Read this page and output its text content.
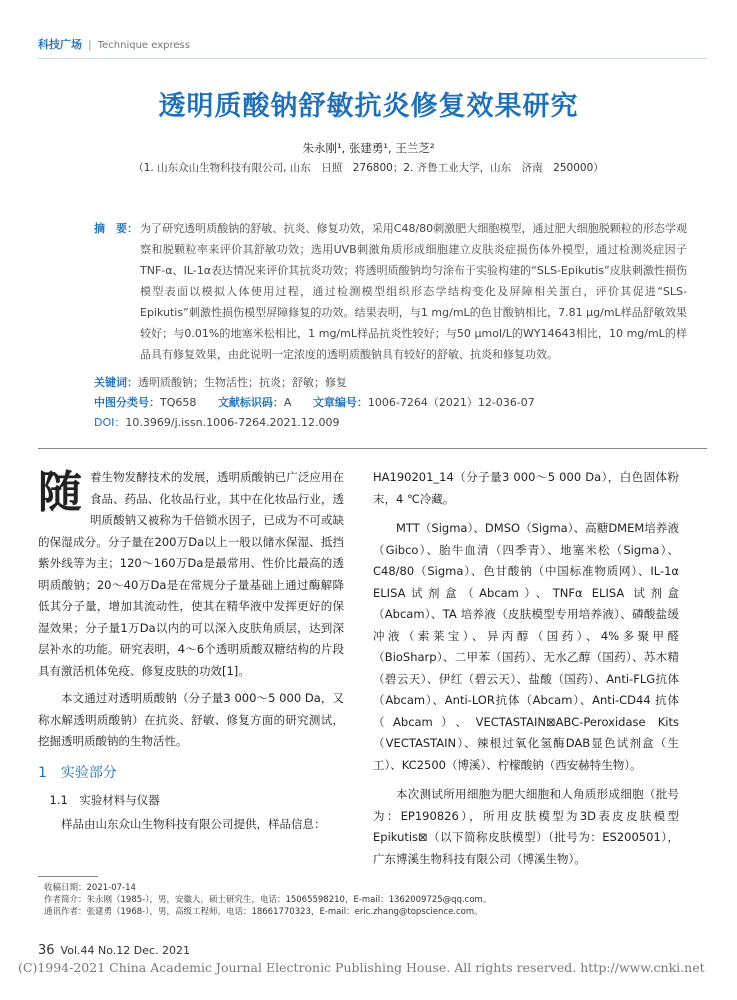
科技广场 | Technique express
透明质酸钠舒敏抗炎修复效果研究
朱永刚¹, 张建勇¹, 王兰芝²
（1. 山东众山生物科技有限公司, 山东　日照　276800；2. 齐鲁工业大学，山东　济南　250000）
摘　要： 为了研究透明质酸钠的舒敏、抗炎、修复功效，采用C48/80刺激肥大细胞模型，通过肥大细胞脱颗粒的形态学观察和脱颗粒率来评价其舒敏功效；选用UVB刺激角质形成细胞建立皮肤炎症损伤体外模型，通过检测炎症因子TNF-α、IL-1α表达情况来评价其抗炎功效；将透明质酸钠均匀涂布于实验构建的“SLS-Epikutis”皮肤刺激性损伤模型表面以模拟人体使用过程，通过检测模型组织形态学结构变化及屏障相关蛋白，评价其促进“SLS-Epikutis”刺激性损伤模型屏障修复的功效。结果表明，与1 mg/mL的色甘酸钠相比，7.81 μg/mL样品舒敏效果较好；与0.01%的地塞米松相比，1 mg/mL样品抗炎性较好；与50 μmol/L的WY14643相比，10 mg/mL的样品具有修复效果，由此说明一定浓度的透明质酸钠具有较好的舒敏、抗炎和修复功效。
关键词：透明质酸钠；生物活性；抗炎；舒敏；修复
中图分类号：TQ658 文献标识码：A 文章编号：1006-7264（2021）12-036-07
DOI：10.3969/j.issn.1006-7264.2021.12.009

随着生物发酵技术的发展，透明质酸钠已广泛应用在食品、药品、化妆品行业，其中在化妆品行业，透明质酸钠又被称为千倍锁水因子，已成为不可或缺的保湿成分。分子量在200万Da以上一般以储水保湿、抵挡紫外线等为主；120～160万Da是最常用、性价比最高的透明质酸钠；20～40万Da是在常规分子量基础上通过酶解降低其分子量，增加其流动性，使其在精华液中发挥更好的保湿效果；分子量1万Da以内的可以深入皮肤角质层，达到深层补水的功能。研究表明，4～6个透明质酸双糖结构的片段具有激活机体免疫、修复皮肤的功效[1]。

本文通过对透明质酸钠（分子量3 000～5 000 Da，又称水解透明质酸钠）在抗炎、舒敏、修复方面的研究测试，挖掘透明质酸钠的生物活性。

1　实验部分
1.1　实验材料与仪器

样品由山东众山生物科技有限公司提供，样品信息：

HA190201_14（分子量3 000～5 000 Da），白色固体粉末，4 ℃冷藏。

MTT（Sigma）、DMSO（Sigma）、高糖DMEM培养液（Gibco）、胎牛血清（四季青）、地塞米松（Sigma）、C48/80（Sigma）、色甘酸钠（中国标准物质网）、IL-1α ELISA试剂盒（Abcam）、TNFα ELISA 试剂盒（Abcam）、TA 培养液（皮肤模型专用培养液）、磷酸盐缓冲液（索莱宝）、异丙醇（国药）、4%多聚甲醛（BioSharp）、二甲苯（国药）、无水乙醇（国药）、苏木精（碧云天）、伊红（碧云天）、盐酸（国药）、Anti-FLG抗体（Abcam）、Anti-LOR抗体（Abcam）、Anti-CD44 抗体（Abcam）、VECTASTAIN⊠ABC-Peroxidase Kits（VECTASTAIN）、辣根过氧化氢酶DAB显色试剂盒（生工）、KC2500（博溪）、柠檬酸钠（西安赫特生物）。

本次测试所用细胞为肥大细胞和人角质形成细胞（批号为：EP190826），所用皮肤模型为3D表皮皮肤模型Epikutis⊠（以下简称皮肤模型）（批号为：ES200501），广东博溪生物科技有限公司（博溪生物）。

收稿日期：2021-07-14
作者简介：朱永刚（1985-），男，安徽人，硕士研究生，电话：15065598210，E-mail：1362009725@qq.com。
通讯作者：张建勇（1968-），男，高级工程师。电话：18661770323，E-mail：eric.zhang@topscience.com。
36 Vol.44 No.12 Dec. 2021
(C)1994-2021 China Academic Journal Electronic Publishing House. All rights reserved. http://www.cnki.net
